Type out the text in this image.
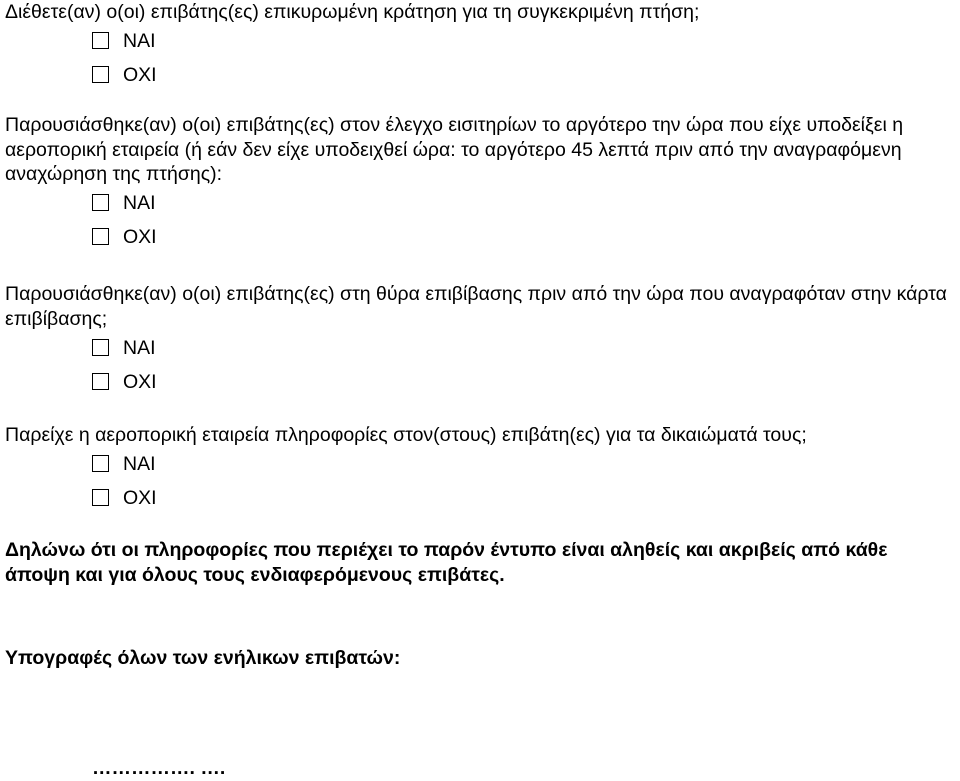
Διέθετε(αν) ο(οι) επιβάτης(ες) επικυρωμένη κράτηση για τη συγκεκριμένη πτήση;

ΝΑΙ
ΟΧΙ

Παρουσιάσθηκε(αν) ο(οι) επιβάτης(ες) στον έλεγχο εισιτηρίων το αργότερο την ώρα που είχε υποδείξει η αεροπορική εταιρεία (ή εάν δεν είχε υποδειχθεί ώρα: το αργότερο 45 λεπτά πριν από την αναγραφόμενη αναχώρηση της πτήσης):

ΝΑΙ
ΟΧΙ

Παρουσιάσθηκε(αν) ο(οι) επιβάτης(ες) στη θύρα επιβίβασης πριν από την ώρα που αναγραφόταν στην κάρτα επιβίβασης;

ΝΑΙ
ΟΧΙ

Παρείχε η αεροπορική εταιρεία πληροφορίες στον(στους) επιβάτη(ες) για τα δικαιώματά τους;

ΝΑΙ
ΟΧΙ

Δηλώνω ότι οι πληροφορίες που περιέχει το παρόν έντυπο είναι αληθείς και ακριβείς από κάθε άποψη και για όλους τους ενδιαφερόμενους επιβάτες.

Υπογραφές όλων των ενήλικων επιβατών:

……………. ….
